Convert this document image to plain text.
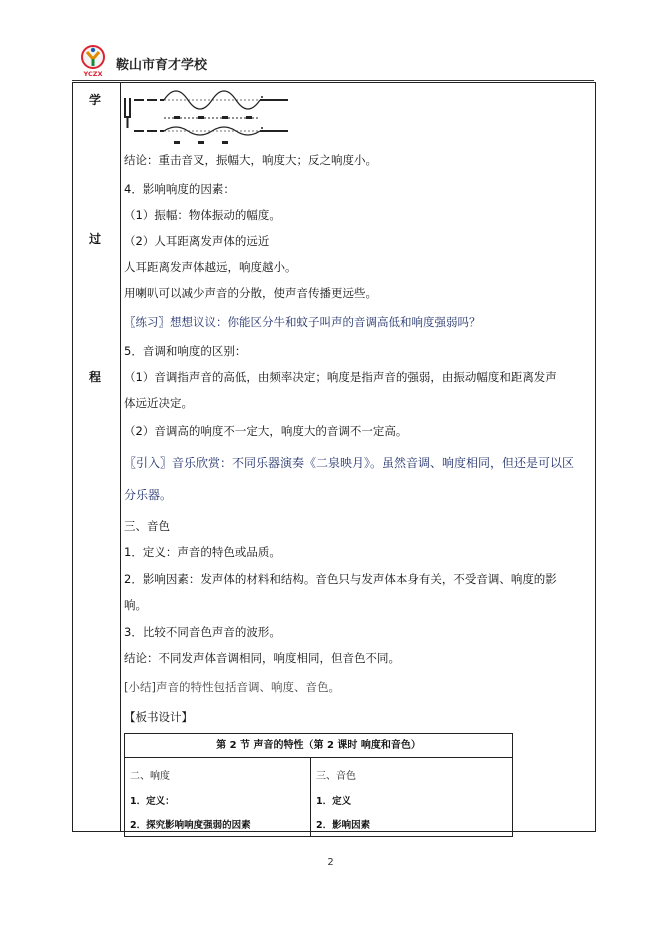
YCZX
鞍山市育才学校
学
过
程
结论：重击音叉，振幅大，响度大；反之响度小。
4．影响响度的因素：
（1）振幅：物体振动的幅度。
（2）人耳距离发声体的远近
人耳距离发声体越远，响度越小。
用喇叭可以减少声音的分散，使声音传播更远些。
〖练习〗想想议议：你能区分牛和蚊子叫声的音调高低和响度强弱吗？
5．音调和响度的区别：
（1）音调指声音的高低，由频率决定；响度是指声音的强弱，由振动幅度和距离发声
体远近决定。
（2）音调高的响度不一定大，响度大的音调不一定高。
〖引入〗音乐欣赏：不同乐器演奏《二泉映月》。虽然音调、响度相同，但还是可以区
分乐器。
三、音色
1．定义：声音的特色或品质。
2．影响因素：发声体的材料和结构。音色只与发声体本身有关，不受音调、响度的影
响。
3．比较不同音色声音的波形。
结论：不同发声体音调相同，响度相同，但音色不同。
[小结]声音的特性包括音调、响度、音色。
【板书设计】
第 2 节 声音的特性（第 2 课时 响度和音色）
二、响度
1．定义：
2．探究影响响度强弱的因素
三、音色
1．定义
2．影响因素
2
